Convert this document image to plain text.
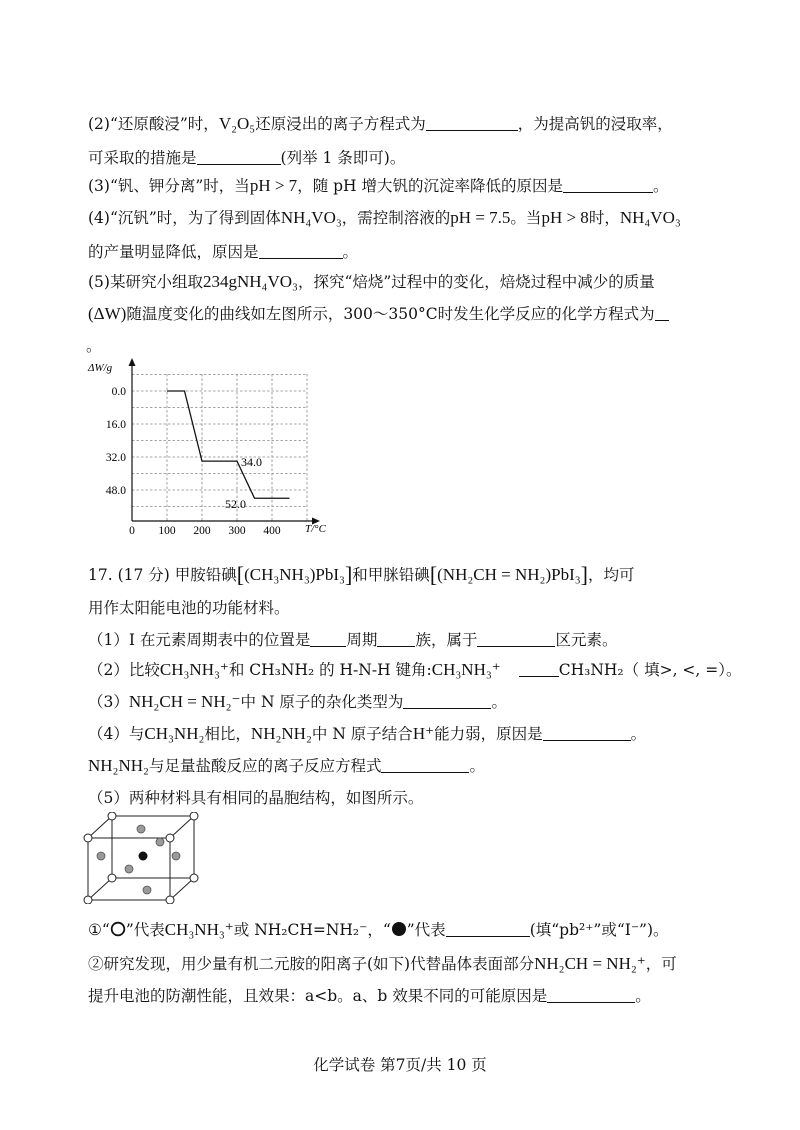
(2)“还原酸浸”时，V₂O₅还原浸出的离子方程式为	，为提高钒的浸取率，
可采取的措施是	(列举 1 条即可)。
(3)“钒、钾分离”时，当pH > 7，随 pH 增大钒的沉淀率降低的原因是	。
(4)“沉钒”时，为了得到固体NH₄VO₃，需控制溶液的pH = 7.5。当pH > 8时，NH₄VO₃
的产量明显降低，原因是	。
(5)某研究小组取234gNH₄VO₃，探究“焙烧”过程中的变化，焙烧过程中减少的质量
(ΔW)随温度变化的曲线如左图所示，300～350°C时发生化学反应的化学方程式为
。
ΔW/g
T/°C
0.0
16.0
32.0
48.0
0 100 200 300 400
34.0
52.0
17. (17 分) 甲胺铅碘[(CH₃NH₃)PbI₃]和甲脒铅碘[(NH₂CH = NH₂)PbI₃]，均可
用作太阳能电池的功能材料。
（1）I 在元素周期表中的位置是 周期 族，属于	区元素。
（2）比较CH₃NH₃⁺和 CH₃NH₂ 的 H-N-H 键角:CH₃NH₃⁺	CH₃NH₂（ 填>, <, =）。
（3）NH₂CH = NH₂⁻中 N 原子的杂化类型为	。
（4）与CH₃NH₂相比，NH₂NH₂中 N 原子结合H⁺能力弱，原因是	。
NH₂NH₂与足量盐酸反应的离子反应方程式	。
（5）两种材料具有相同的晶胞结构，如图所示。
①“ ”代表CH₃NH₃⁺或 NH₂CH=NH₂⁻，“ ”代表	(填“pb²⁺”或“I⁻”)。
②研究发现，用少量有机二元胺的阳离子(如下)代替晶体表面部分NH₂CH = NH₂⁺，可
提升电池的防潮性能，且效果：a<b。a、b 效果不同的可能原因是	。
化学试卷 第7页/共 10 页
